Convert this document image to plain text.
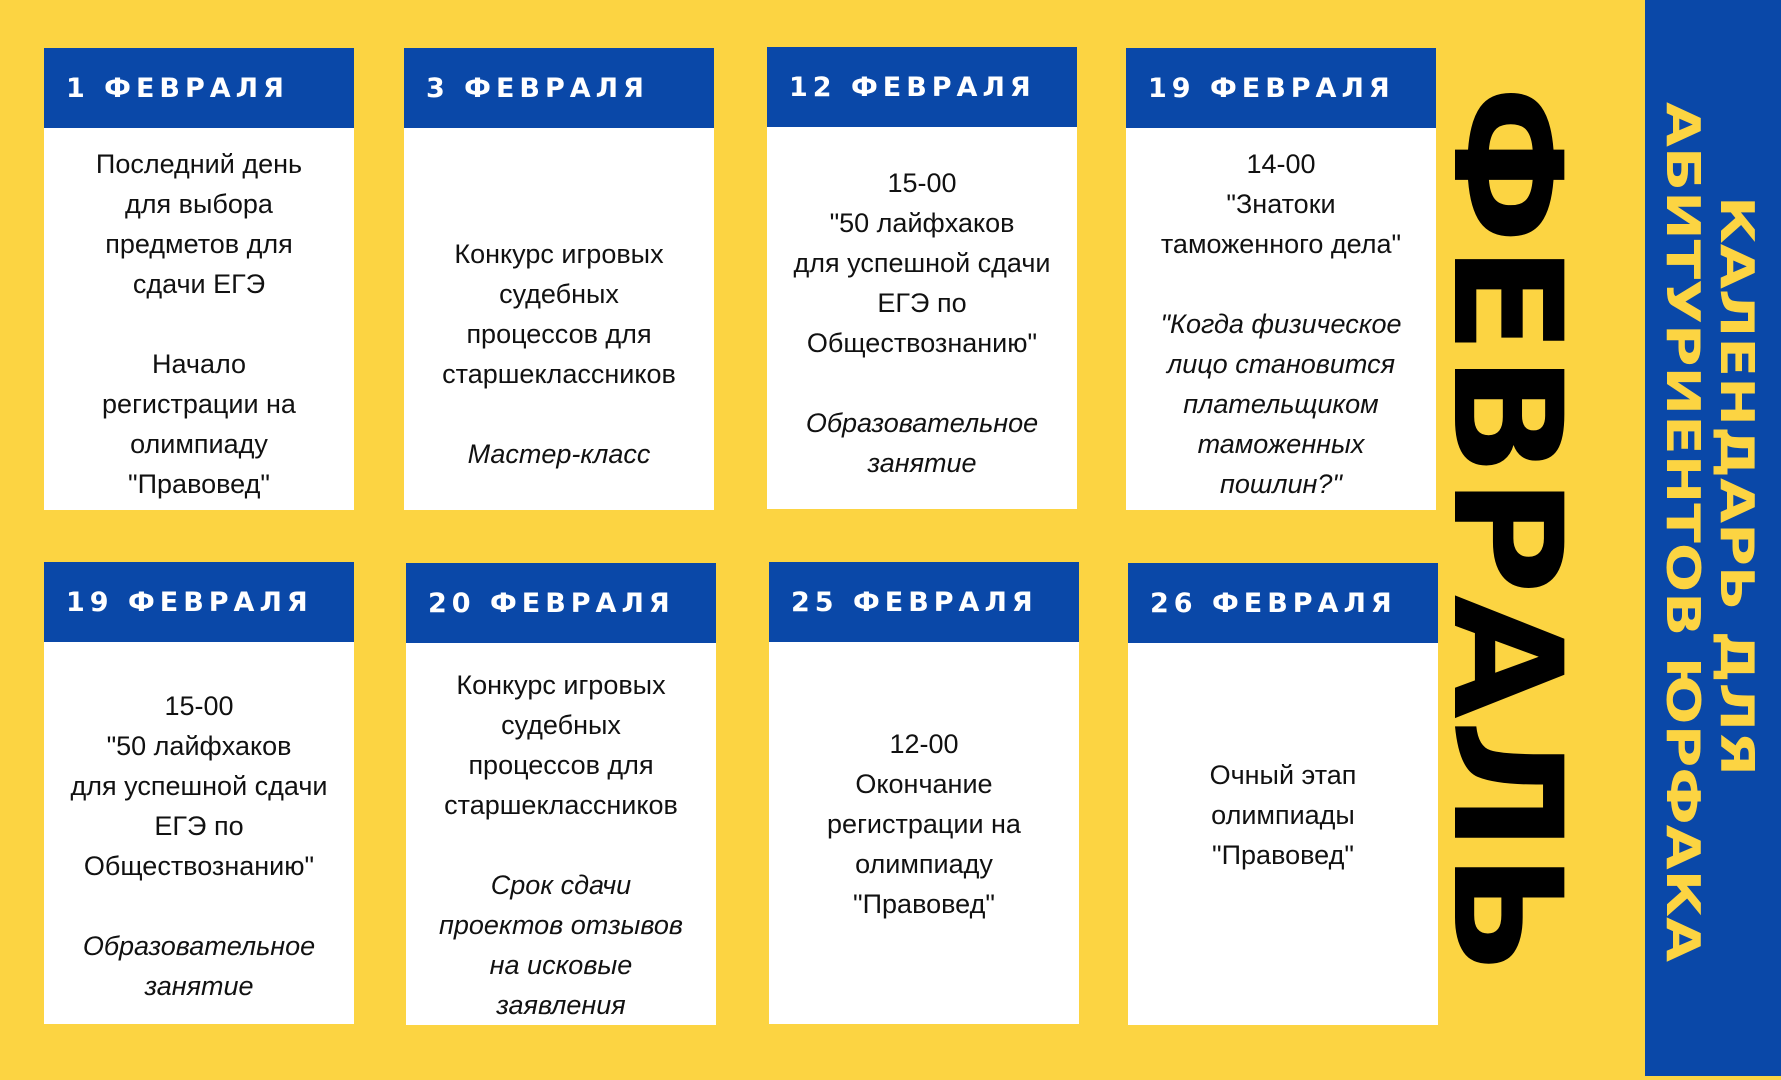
1 ФЕВРАЛЯ
Последний день
для выбора
предметов для
сдачи ЕГЭ
Начало
регистрации на
олимпиаду
"Правовед"
3 ФЕВРАЛЯ
Конкурс игровых
судебных
процессов для
старшеклассников
Мастер-класс
12 ФЕВРАЛЯ
15-00
"50 лайфхаков
для успешной сдачи
ЕГЭ по
Обществознанию"
Образовательное
занятие
19 ФЕВРАЛЯ
14-00
"Знатоки
таможенного дела"
"Когда физическое
лицо становится
плательщиком
таможенных
пошлин?"
19 ФЕВРАЛЯ
15-00
"50 лайфхаков
для успешной сдачи
ЕГЭ по
Обществознанию"
Образовательное
занятие
20 ФЕВРАЛЯ
Конкурс игровых
судебных
процессов для
старшеклассников
Срок сдачи
проектов отзывов
на исковые
заявления
25 ФЕВРАЛЯ
12-00
Окончание
регистрации на
олимпиаду
"Правовед"
26 ФЕВРАЛЯ
Очный этап
олимпиады
"Правовед" ФЕВРАЛЬ	КАЛЕНДАРЬ ДЛЯ
АБИТУРИЕНТОВ ЮРФАКА
